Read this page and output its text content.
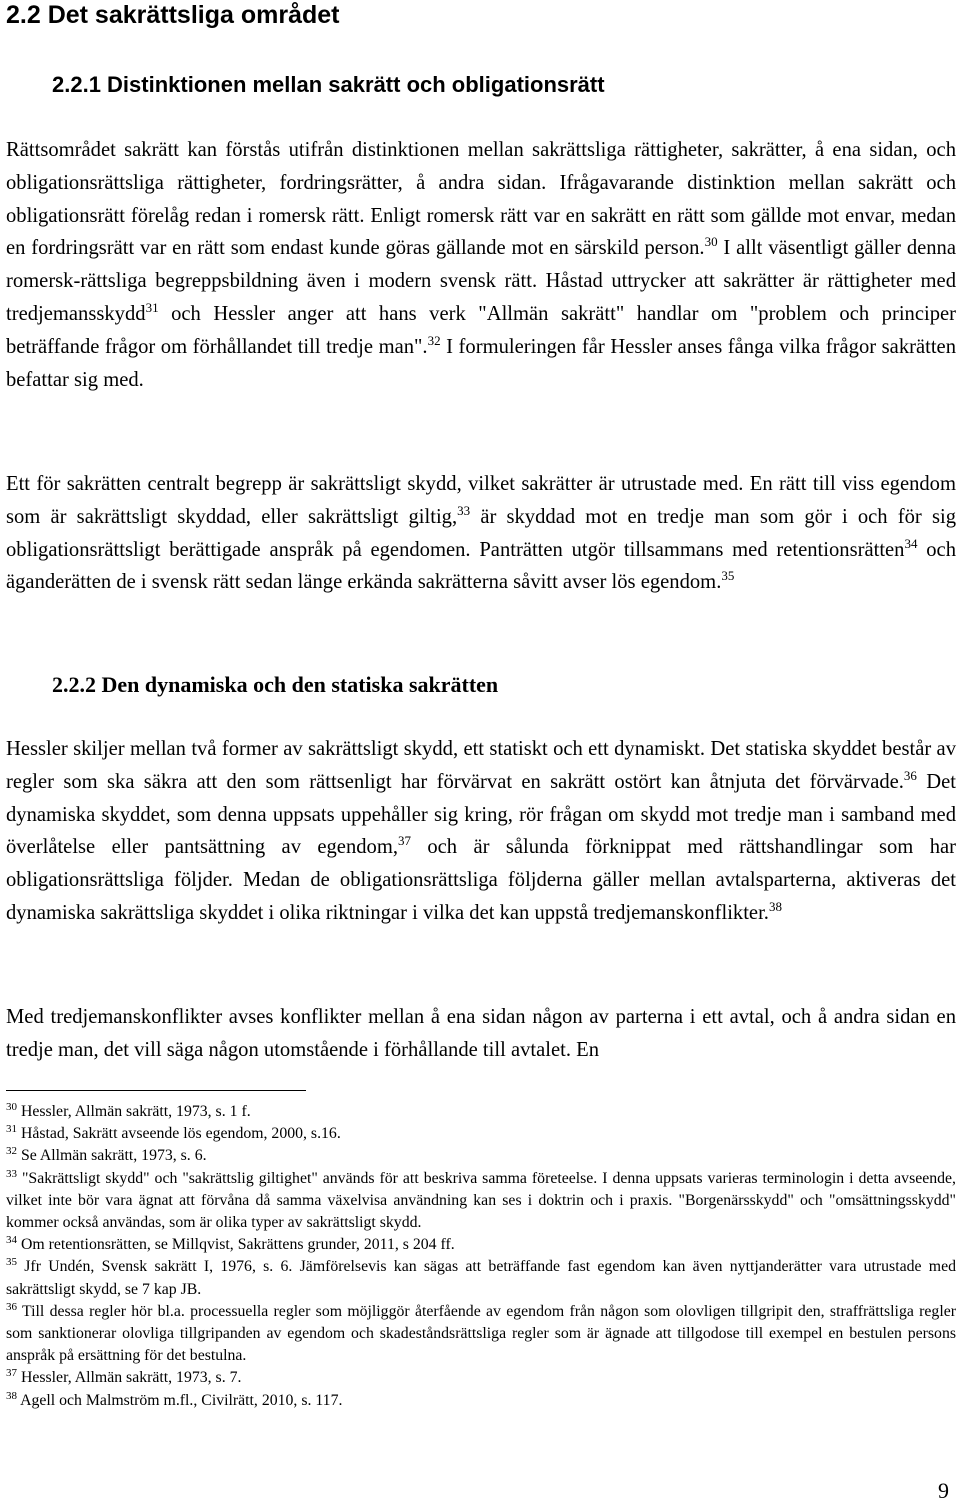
2.2 Det sakrättsliga området
2.2.1 Distinktionen mellan sakrätt och obligationsrätt

Rättsområdet sakrätt kan förstås utifrån distinktionen mellan sakrättsliga rättigheter, sakrätter, å ena sidan, och obligationsrättsliga rättigheter, fordringsrätter, å andra sidan. Ifrågavarande distinktion mellan sakrätt och obligationsrätt förelåg redan i romersk rätt. Enligt romersk rätt var en sakrätt en rätt som gällde mot envar, medan en fordringsrätt var en rätt som endast kunde göras gällande mot en särskild person.$^{30}$ I allt väsentligt gäller denna romersk-rättsliga begreppsbildning även i modern svensk rätt. Håstad uttrycker att sakrätter är rättigheter med tredjemansskydd$^{31}$ och Hessler anger att hans verk "Allmän sakrätt" handlar om "problem och principer beträffande frågor om förhållandet till tredje man".$^{32}$ I formuleringen får Hessler anses fånga vilka frågor sakrätten befattar sig med.

Ett för sakrätten centralt begrepp är sakrättsligt skydd, vilket sakrätter är utrustade med. En rätt till viss egendom som är sakrättsligt skyddad, eller sakrättsligt giltig,$^{33}$ är skyddad mot en tredje man som gör i och för sig obligationsrättsligt berättigade anspråk på egendomen. Panträtten utgör tillsammans med retentionsrätten$^{34}$ och äganderätten de i svensk rätt sedan länge erkända sakrätterna såvitt avser lös egendom.$^{35}$

2.2.2 Den dynamiska och den statiska sakrätten

Hessler skiljer mellan två former av sakrättsligt skydd, ett statiskt och ett dynamiskt. Det statiska skyddet består av regler som ska säkra att den som rättsenligt har förvärvat en sakrätt ostört kan åtnjuta det förvärvade.$^{36}$ Det dynamiska skyddet, som denna uppsats uppehåller sig kring, rör frågan om skydd mot tredje man i samband med överlåtelse eller pantsättning av egendom,$^{37}$ och är sålunda förknippat med rättshandlingar som har obligationsrättsliga följder. Medan de obligationsrättsliga följderna gäller mellan avtalsparterna, aktiveras det dynamiska sakrättsliga skyddet i olika riktningar i vilka det kan uppstå tredjemanskonflikter.$^{38}$

Med tredjemanskonflikter avses konflikter mellan å ena sidan någon av parterna i ett avtal, och å andra sidan en tredje man, det vill säga någon utomstående i förhållande till avtalet. En

$^{30}$ Hessler, Allmän sakrätt, 1973, s. 1 f.

$^{31}$ Håstad, Sakrätt avseende lös egendom, 2000, s.16.

$^{32}$ Se Allmän sakrätt, 1973, s. 6.

$^{33}$ "Sakrättsligt skydd" och "sakrättslig giltighet" används för att beskriva samma företeelse. I denna uppsats varieras terminologin i detta avseende, vilket inte bör vara ägnat att förvåna då samma växelvisa användning kan ses i doktrin och i praxis. "Borgenärsskydd" och "omsättningsskydd" kommer också användas, som är olika typer av sakrättsligt skydd.

$^{34}$ Om retentionsrätten, se Millqvist, Sakrättens grunder, 2011, s 204 ff.

$^{35}$ Jfr Undén, Svensk sakrätt I, 1976, s. 6. Jämförelsevis kan sägas att beträffande fast egendom kan även nyttjanderätter vara utrustade med sakrättsligt skydd, se 7 kap JB.

$^{36}$ Till dessa regler hör bl.a. processuella regler som möjliggör återfående av egendom från någon som olovligen tillgripit den, straffrättsliga regler som sanktionerar olovliga tillgripanden av egendom och skadeståndsrättsliga regler som är ägnade att tillgodose till exempel en bestulen persons anspråk på ersättning för det bestulna.

$^{37}$ Hessler, Allmän sakrätt, 1973, s. 7.

$^{38}$ Agell och Malmström m.fl., Civilrätt, 2010, s. 117.

9
